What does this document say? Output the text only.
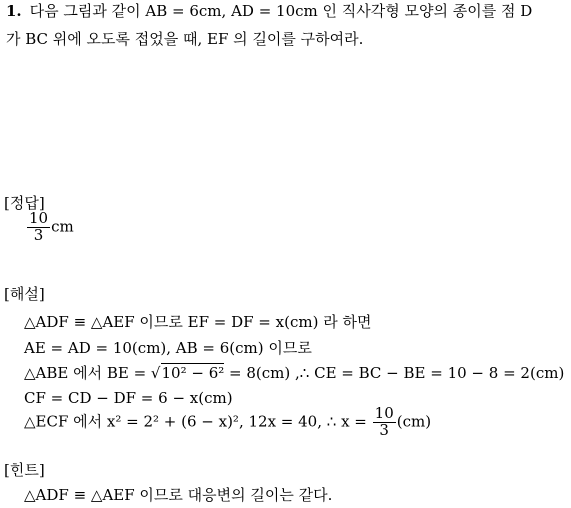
1. 다음 그림과 같이 AB = 6cm, AD = 10cm 인 직사각형 모양의 종이를 점 D
가 BC 위에 오도록 접었을 때, EF 의 길이를 구하여라.
[정답]
$\frac{10}{3}$ cm
[해설]
△ADF ≡ △AEF 이므로 EF = DF = x(cm) 라 하면
AE = AD = 10(cm), AB = 6(cm) 이므로
△ABE 에서 BE = √10² − 6² = 8(cm) ,∴ CE = BC − BE = 10 − 8 = 2(cm)
CF = CD − DF = 6 − x(cm)
△ECF 에서 x² = 2² + (6 − x)², 12x = 40, ∴ $x = \frac{10}{3} (cm)$
[힌트]
△ADF ≡ △AEF 이므로 대응변의 길이는 같다.
